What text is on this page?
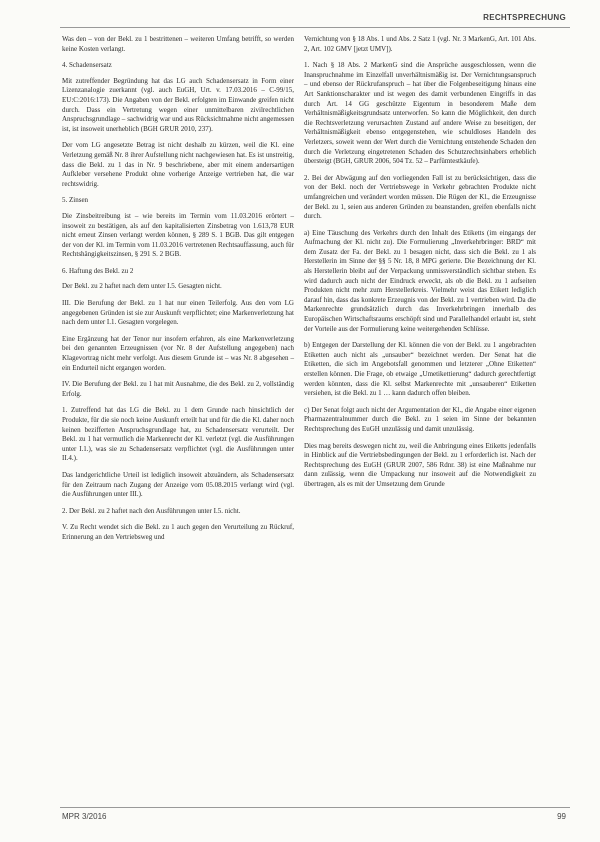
RECHTSPRECHUNG

Was den – von der Bekl. zu 1 bestrittenen – weiteren Umfang betrifft, so werden keine Kosten verlangt.

4. Schadensersatz

Mit zutreffender Begründung hat das LG auch Schadensersatz in Form einer Lizenzanalogie zuerkannt (vgl. auch EuGH, Urt. v. 17.03.2016 – C-99/15, EU:C:2016:173). Die Angaben von der Bekl. erfolgten im Einwande greifen nicht durch. Dass ein Vertretung wegen einer unmittelbaren zivilrechtlichen Anspruchsgrundlage – sachwidrig war und aus Rücksichtnahme nicht angemessen ist, ist insoweit unerheblich (BGH GRUR 2010, 237).

Der vom LG angesetzte Betrag ist nicht deshalb zu kürzen, weil die Kl. eine Verletzung gemäß Nr. 8 ihrer Aufstellung nicht nachgewiesen hat. Es ist unstreitig, dass die Bekl. zu 1 das in Nr. 9 beschriebene, aber mit einem andersartigen Aufkleber versehene Produkt ohne vorherige Anzeige vertrieben hat, die war rechtswidrig.

5. Zinsen

Die Zinsbeitreibung ist – wie bereits im Termin vom 11.03.2016 erörtert – insoweit zu bestätigen, als auf den kapitalisierten Zinsbetrag von 1.613,78 EUR nicht erneut Zinsen verlangt werden können, § 289 S. 1 BGB. Das gilt entgegen der von der Kl. im Termin vom 11.03.2016 vertretenen Rechtsauffassung, auch für Rechtshängigkeitszinsen, § 291 S. 2 BGB.

6. Haftung des Bekl. zu 2

Der Bekl. zu 2 haftet nach dem unter I.5. Gesagten nicht.

III. Die Berufung der Bekl. zu 1 hat nur einen Teilerfolg. Aus den vom LG angegebenen Gründen ist sie zur Auskunft verpflichtet; eine Markenverletzung hat nach dem unter I.1. Gesagten vorgelegen.

Eine Ergänzung hat der Tenor nur insofern erfahren, als eine Markenverletzung bei den genannten Erzeugnissen (vor Nr. 8 der Aufstellung angegeben) nach Klagevortrag nicht mehr verfolgt. Aus diesem Grunde ist – was Nr. 8 abgesehen – ein Endurteil nicht ergangen worden.

IV. Die Berufung der Bekl. zu 1 hat mit Ausnahme, die des Bekl. zu 2, vollständig Erfolg.

1. Zutreffend hat das LG die Bekl. zu 1 dem Grunde nach hinsichtlich der Produkte, für die sie noch keine Auskunft erteilt hat und für die die Kl. daher noch keinen bezifferten Anspruchsgrundlage hat, zu Schadensersatz verurteilt. Der Bekl. zu 1 hat vermutlich die Markenrecht der Kl. verletzt (vgl. die Ausführungen unter I.1.), was sie zu Schadensersatz verpflichtet (vgl. die Ausführungen unter II.4.).

Das landgerichtliche Urteil ist lediglich insoweit abzuändern, als Schadensersatz für den Zeitraum nach Zugang der Anzeige vom 05.08.2015 verlangt wird (vgl. die Ausführungen unter III.).

2. Der Bekl. zu 2 haftet nach den Ausführungen unter I.5. nicht.

V. Zu Recht wendet sich die Bekl. zu 1 auch gegen den Verurteilung zu Rückruf, Erinnerung an den Vertriebsweg und

Vernichtung von § 18 Abs. 1 und Abs. 2 Satz 1 (vgl. Nr. 3 MarkenG, Art. 101 Abs. 2, Art. 102 GMV [jetzt UMV]).

1. Nach § 18 Abs. 2 MarkenG sind die Ansprüche ausgeschlossen, wenn die Inanspruchnahme im Einzelfall unverhältnismäßig ist. Der Vernichtungsanspruch – und ebenso der Rückrufanspruch – hat über die Folgenbeseitigung hinaus eine Art Sanktionscharakter und ist wegen des damit verbundenen Eingriffs in das durch Art. 14 GG geschützte Eigentum in besonderem Maße dem Verhältnismäßigkeitsgrundsatz unterworfen. So kann die Möglichkeit, den durch die Rechtsverletzung verursachten Zustand auf andere Weise zu beseitigen, der Verhältnismäßigkeit ebenso entgegenstehen, wie schuldloses Handeln des Verletzers, soweit wenn der Wert durch die Vernichtung entstehende Schaden den durch die Verletzung eingetretenen Schaden des Schutzrechtsinhabers erheblich übersteigt (BGH, GRUR 2006, 504 Tz. 52 – Parfümtestkäufe).

2. Bei der Abwägung auf den vorliegenden Fall ist zu berücksichtigen, dass die von der Bekl. noch der Vertriebswege in Verkehr gebrachten Produkte nicht umfangreichen und verändert worden müssen. Die Rügen der Kl., die Erzeugnisse der Bekl. zu 1, seien aus anderen Gründen zu beanstanden, greifen ebenfalls nicht durch.

a) Eine Täuschung des Verkehrs durch den Inhalt des Etiketts (im eingangs der Aufmachung der Kl. nicht zu). Die Formulierung „Inverkehrbringer: BRD“ mit dem Zusatz der Fa. der Bekl. zu 1 besagen nicht, dass sich die Bekl. zu 1 als Herstellerin im Sinne der §§ 5 Nr. 18, 8 MPG gerierte. Die Bezeichnung der Kl. als Herstellerin bleibt auf der Verpackung unmissverständlich sichtbar stehen. Es wird dadurch auch nicht der Eindruck erweckt, als ob die Bekl. zu 1 aufseiten Produkten nicht mehr zum Herstellerkreis. Vielmehr weist das Etikett lediglich darauf hin, dass das konkrete Erzeugnis von der Bekl. zu 1 vertrieben wird. Da die Markenrechte grundsätzlich durch das Inverkehrbringen innerhalb des Europäischen Wirtschaftsraums erschöpft sind und Parallelhandel erlaubt ist, steht der Vorteile aus der Formulierung keine weitergehenden Schlüsse.

b) Entgegen der Darstellung der Kl. können die von der Bekl. zu 1 angebrachten Etiketten auch nicht als „unsauber“ bezeichnet werden. Der Senat hat die Etiketten, die sich im Angebotsfall genommen und letzterer „Ohne Etiketten“ erstellen können. Die Frage, ob etwaige „Umetikettierung“ dadurch gerechtfertigt werden könnten, dass die Kl. selbst Markenrechte mit „unsauberen“ Etiketten versiehen, ist die Bekl. zu 1 … kann dadurch offen bleiben.

c) Der Senat folgt auch nicht der Argumentation der Kl., die Angabe einer eigenen Pharmazentralnummer durch die Bekl. zu 1 seien im Sinne der bekannten Rechtsprechung des EuGH unzulässig und damit unzulässig.

Dies mag bereits deswegen nicht zu, weil die Anbringung eines Etiketts jedenfalls in Hinblick auf die Vertriebsbedingungen der Bekl. zu 1 erforderlich ist. Nach der Rechtsprechung des EuGH (GRUR 2007, 586 Rdnr. 38) ist eine Maßnahme nur dann zulässig, wenn die Umpackung nur insoweit auf die Notwendigkeit zu übertragen, als es mit der Umsetzung dem Grunde

MPR 3/2016	99
